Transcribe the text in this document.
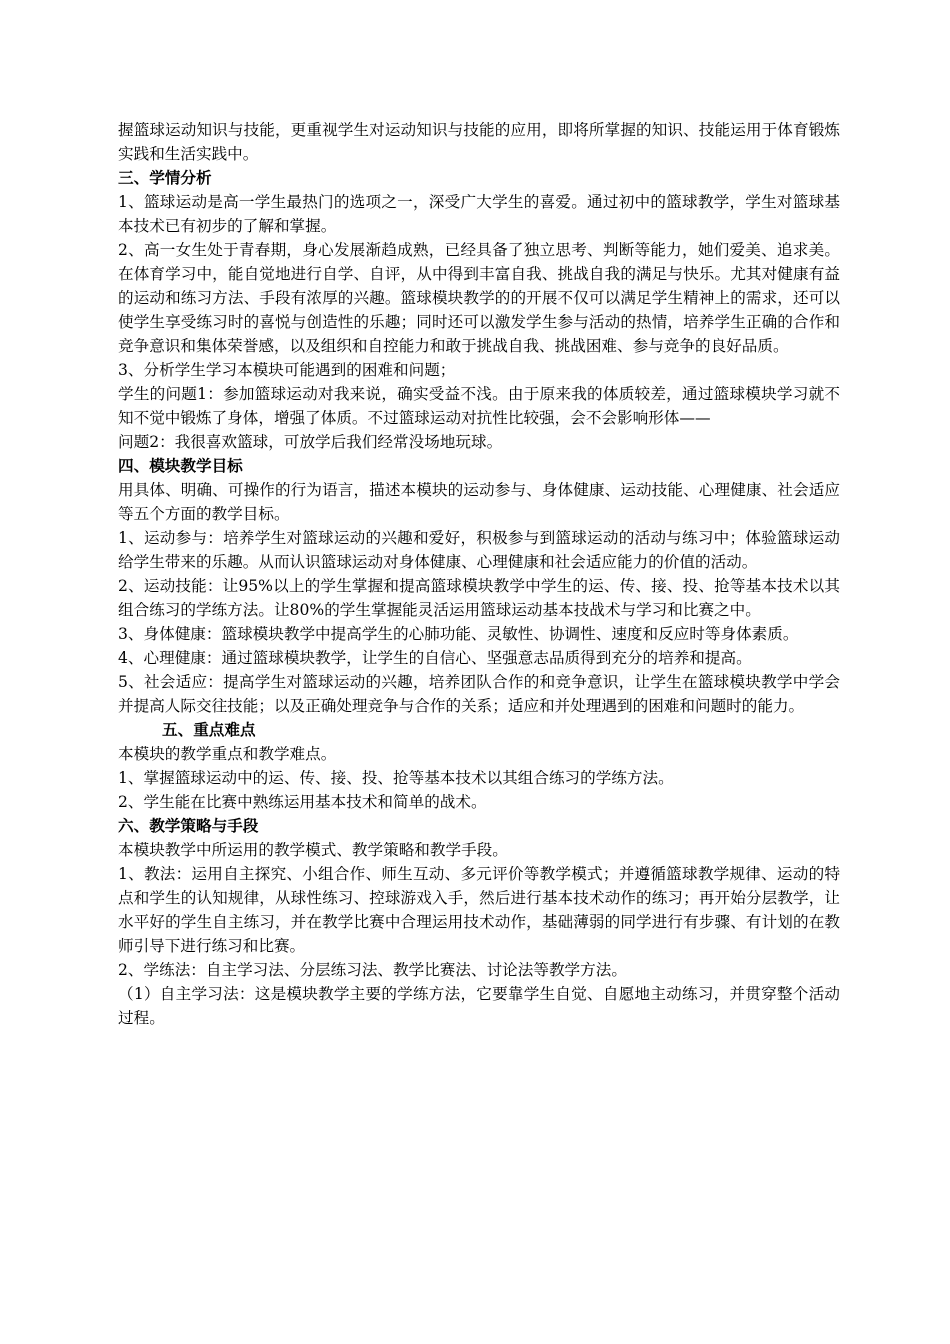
握篮球运动知识与技能，更重视学生对运动知识与技能的应用，即将所掌握的知识、技能运用于体育锻炼实践和生活实践中。

三、学情分析

1、篮球运动是高一学生最热门的选项之一，深受广大学生的喜爱。通过初中的篮球教学，学生对篮球基本技术已有初步的了解和掌握。

2、高一女生处于青春期，身心发展渐趋成熟，已经具备了独立思考、判断等能力，她们爱美、追求美。在体育学习中，能自觉地进行自学、自评，从中得到丰富自我、挑战自我的满足与快乐。尤其对健康有益的运动和练习方法、手段有浓厚的兴趣。篮球模块教学的的开展不仅可以满足学生精神上的需求，还可以使学生享受练习时的喜悦与创造性的乐趣；同时还可以激发学生参与活动的热情，培养学生正确的合作和竞争意识和集体荣誉感，以及组织和自控能力和敢于挑战自我、挑战困难、参与竞争的良好品质。

3、分析学生学习本模块可能遇到的困难和问题；

学生的问题1：参加篮球运动对我来说，确实受益不浅。由于原来我的体质较差，通过篮球模块学习就不知不觉中锻炼了身体，增强了体质。不过篮球运动对抗性比较强，会不会影响形体——

问题2：我很喜欢篮球，可放学后我们经常没场地玩球。

四、模块教学目标

用具体、明确、可操作的行为语言，描述本模块的运动参与、身体健康、运动技能、心理健康、社会适应等五个方面的教学目标。

1、运动参与：培养学生对篮球运动的兴趣和爱好，积极参与到篮球运动的活动与练习中；体验篮球运动给学生带来的乐趣。从而认识篮球运动对身体健康、心理健康和社会适应能力的价值的活动。

2、运动技能：让95%以上的学生掌握和提高篮球模块教学中学生的运、传、接、投、抢等基本技术以其组合练习的学练方法。让80%的学生掌握能灵活运用篮球运动基本技战术与学习和比赛之中。

3、身体健康：篮球模块教学中提高学生的心肺功能、灵敏性、协调性、速度和反应时等身体素质。

4、心理健康：通过篮球模块教学，让学生的自信心、坚强意志品质得到充分的培养和提高。

5、社会适应：提高学生对篮球运动的兴趣，培养团队合作的和竞争意识，让学生在篮球模块教学中学会并提高人际交往技能；以及正确处理竞争与合作的关系；适应和并处理遇到的困难和问题时的能力。

五、重点难点

本模块的教学重点和教学难点。

1、掌握篮球运动中的运、传、接、投、抢等基本技术以其组合练习的学练方法。

2、学生能在比赛中熟练运用基本技术和简单的战术。

六、教学策略与手段

本模块教学中所运用的教学模式、教学策略和教学手段。

1、教法：运用自主探究、小组合作、师生互动、多元评价等教学模式；并遵循篮球教学规律、运动的特点和学生的认知规律，从球性练习、控球游戏入手，然后进行基本技术动作的练习；再开始分层教学，让水平好的学生自主练习，并在教学比赛中合理运用技术动作，基础薄弱的同学进行有步骤、有计划的在教师引导下进行练习和比赛。

2、学练法：自主学习法、分层练习法、教学比赛法、讨论法等教学方法。

（1）自主学习法：这是模块教学主要的学练方法，它要靠学生自觉、自愿地主动练习，并贯穿整个活动过程。
